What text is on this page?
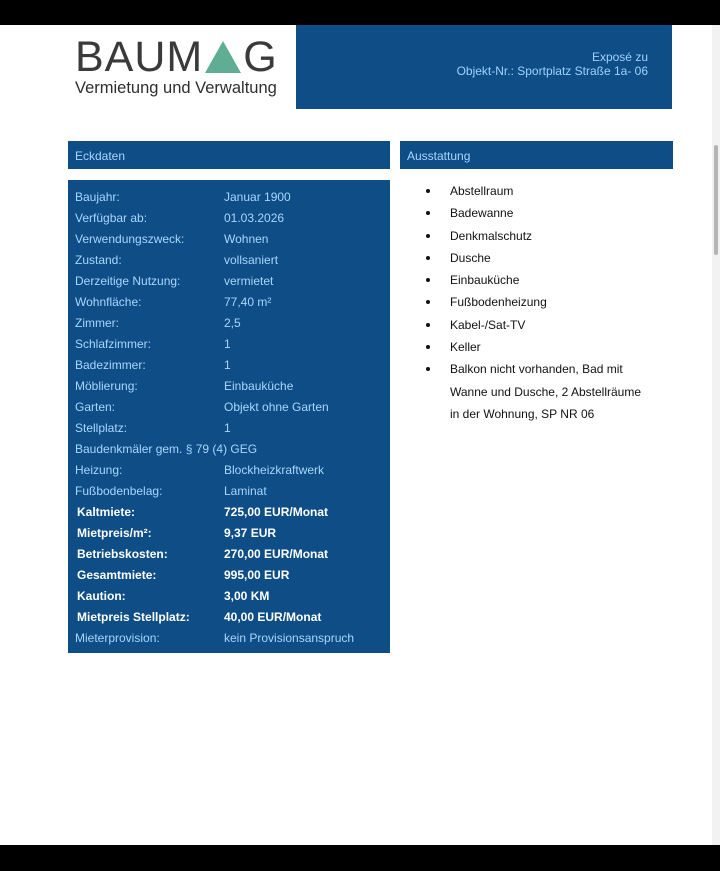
BAUM G
Vermietung und Verwaltung
Exposé zu
Objekt-Nr.: Sportplatz Straße 1a- 06
Eckdaten	Ausstattung
Baujahr:	Januar 1900
Verfügbar ab:	01.03.2026
Verwendungszweck:	Wohnen
Zustand:	vollsaniert
Derzeitige Nutzung:	vermietet
Wohnfläche:	77,40 m²
Zimmer:	2,5
Schlafzimmer:	1
Badezimmer:	1
Möblierung:	Einbauküche
Garten:	Objekt ohne Garten
Stellplatz:	1
Baudenkmäler gem. § 79 (4) GEG
Heizung:	Blockheizkraftwerk
Fußbodenbelag:	Laminat
Kaltmiete:	725,00 EUR/Monat
Mietpreis/m²:	9,37 EUR
Betriebskosten:	270,00 EUR/Monat
Gesamtmiete:	995,00 EUR
Kaution:	3,00 KM
Mietpreis Stellplatz:	40,00 EUR/Monat
Mieterprovision:	kein Provisionsanspruch
Abstellraum
Badewanne
Denkmalschutz
Dusche
Einbauküche
Fußbodenheizung
Kabel-/Sat-TV
Keller
Balkon nicht vorhanden, Bad mit
Wanne und Dusche, 2 Abstellräume
in der Wohnung, SP NR 06
